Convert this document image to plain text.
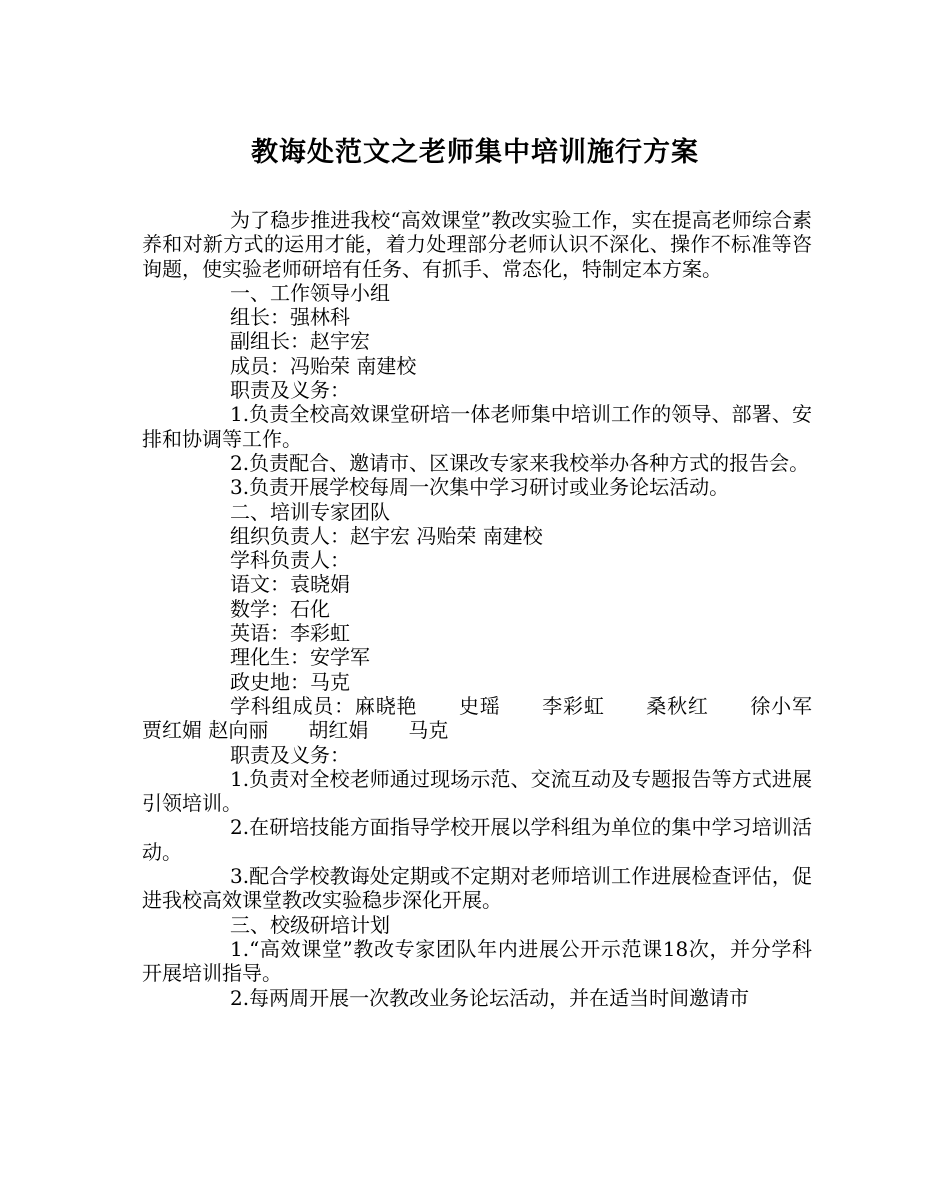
教诲处范文之老师集中培训施行方案

为了稳步推进我校“高效课堂”教改实验工作，实在提高老师综合素养和对新方式的运用才能，着力处理部分老师认识不深化、操作不标准等咨询题，使实验老师研培有任务、有抓手、常态化，特制定本方案。

一、工作领导小组

组长：强林科

副组长：赵宇宏

成员：冯贻荣 南建校

职责及义务：

1.负责全校高效课堂研培一体老师集中培训工作的领导、部署、安排和协调等工作。

2.负责配合、邀请市、区课改专家来我校举办各种方式的报告会。

3.负责开展学校每周一次集中学习研讨或业务论坛活动。

二、培训专家团队

组织负责人：赵宇宏 冯贻荣 南建校

学科负责人：

语文：袁晓娟

数学：石化

英语：李彩虹

理化生：安学军

政史地：马克

学科组成员：麻晓艳　　史瑶　　李彩虹　　桑秋红　　徐小军　　贾红媚 赵向丽　　胡红娟　　马克

职责及义务：

1.负责对全校老师通过现场示范、交流互动及专题报告等方式进展引领培训。

2.在研培技能方面指导学校开展以学科组为单位的集中学习培训活动。

3.配合学校教诲处定期或不定期对老师培训工作进展检查评估，促进我校高效课堂教改实验稳步深化开展。

三、校级研培计划

1.“高效课堂”教改专家团队年内进展公开示范课18次，并分学科开展培训指导。

2.每两周开展一次教改业务论坛活动，并在适当时间邀请市
